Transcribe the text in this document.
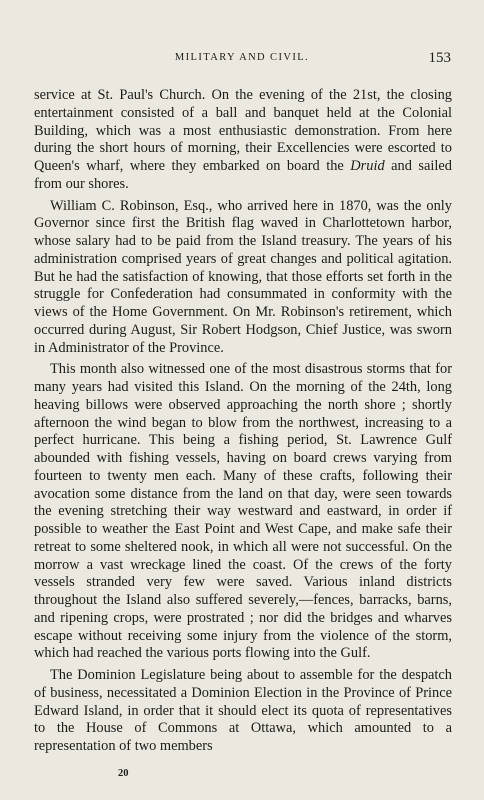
MILITARY AND CIVIL.	153

service at St. Paul's Church. On the evening of the 21st, the closing entertainment consisted of a ball and banquet held at the Colonial Building, which was a most enthusiastic demonstration. From here during the short hours of morning, their Excellencies were escorted to Queen's wharf, where they embarked on board the Druid and sailed from our shores.

William C. Robinson, Esq., who arrived here in 1870, was the only Governor since first the British flag waved in Charlottetown harbor, whose salary had to be paid from the Island treasury. The years of his administration comprised years of great changes and political agitation. But he had the satisfaction of knowing, that those efforts set forth in the struggle for Confederation had consummated in conformity with the views of the Home Government. On Mr. Robinson's retirement, which occurred during August, Sir Robert Hodgson, Chief Justice, was sworn in Administrator of the Province.

This month also witnessed one of the most disastrous storms that for many years had visited this Island. On the morning of the 24th, long heaving billows were observed approaching the north shore ; shortly afternoon the wind began to blow from the northwest, increasing to a perfect hurricane. This being a fishing period, St. Lawrence Gulf abounded with fishing vessels, having on board crews varying from fourteen to twenty men each. Many of these crafts, following their avocation some distance from the land on that day, were seen towards the evening stretching their way westward and eastward, in order if possible to weather the East Point and West Cape, and make safe their retreat to some sheltered nook, in which all were not successful. On the morrow a vast wreckage lined the coast. Of the crews of the forty vessels stranded very few were saved. Various inland districts throughout the Island also suffered severely,—fences, barracks, barns, and ripening crops, were prostrated ; nor did the bridges and wharves escape without receiving some injury from the violence of the storm, which had reached the various ports flowing into the Gulf.

The Dominion Legislature being about to assemble for the despatch of business, necessitated a Dominion Election in the Province of Prince Edward Island, in order that it should elect its quota of representatives to the House of Commons at Ottawa, which amounted to a representation of two members

20
